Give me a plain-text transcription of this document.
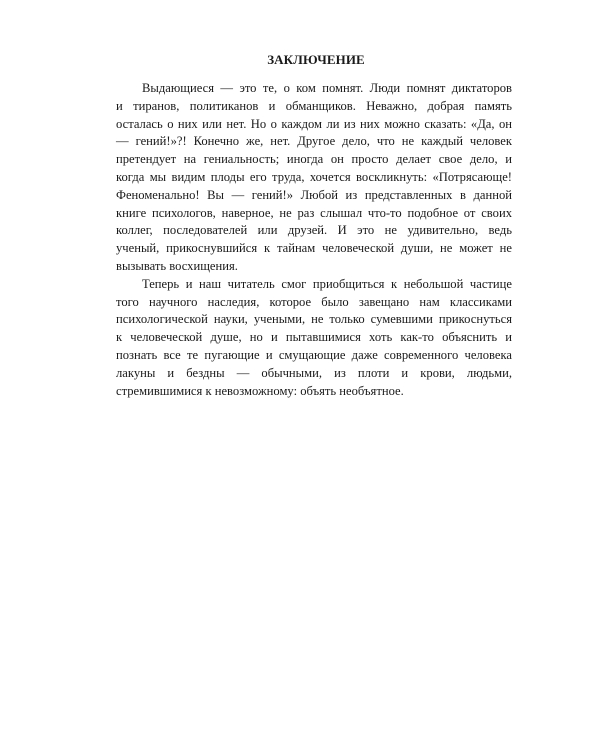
ЗАКЛЮЧЕНИЕ
Выдающиеся — это те, о ком помнят. Люди помнят диктаторов
и тиранов, политиканов и обманщиков. Неважно, добрая память
осталась о них или нет. Но о каждом ли из них можно сказать: «Да, он
— гений!»?! Конечно же, нет. Другое дело, что не каждый человек
претендует на гениальность; иногда он просто делает свое дело, и
когда мы видим плоды его труда, хочется воскликнуть: «Потрясающе!
Феноменально! Вы — гений!» Любой из представленных в данной
книге психологов, наверное, не раз слышал что-то подобное от своих
коллег, последователей или друзей. И это не удивительно, ведь
ученый, прикоснувшийся к тайнам человеческой души, не может не
вызывать восхищения.
Теперь и наш читатель смог приобщиться к небольшой частице
того научного наследия, которое было завещано нам классиками
психологической науки, учеными, не только сумевшими прикоснуться
к человеческой душе, но и пытавшимися хоть как-то объяснить и
познать все те пугающие и смущающие даже современного человека
лакуны и бездны — обычными, из плоти и крови, людьми,
стремившимися к невозможному: объять необъятное.
